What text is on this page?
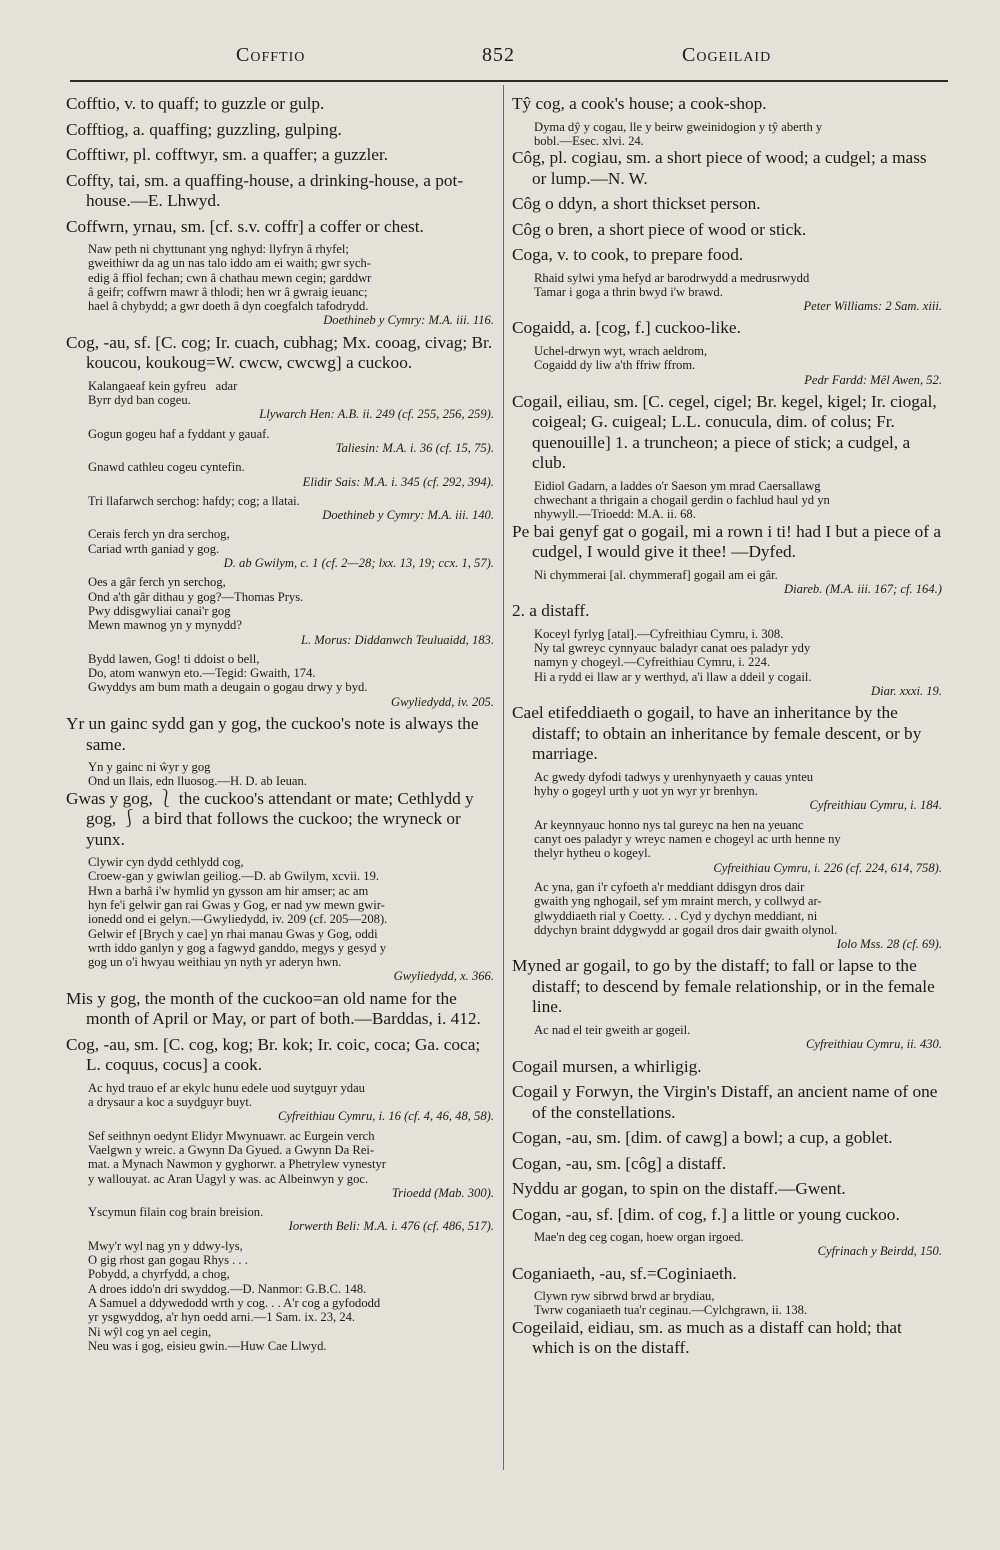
Cofftio	852	Cogeilaid
Cofftio, v. to quaff; to guzzle or gulp.
Cofftiog, a. quaffing; guzzling, gulping.
Cofftiwr, pl. cofftwyr, sm. a quaffer; a guzzler.
Coffty, tai, sm. a quaffing-house, a drinking-house, a pot-house.—E. Lhwyd.
Coffwrn, yrnau, sm. [cf. s.v. coffr] a coffer or chest.
Naw peth ni chyttunant yng nghyd: llyfryn â rhyfel;
gweithiwr da ag un nas talo iddo am ei waith; gwr sych-
edig â ffiol fechan; cwn â chathau mewn cegin; garddwr
â geifr; coffwrn mawr â thlodi; hen wr â gwraig ieuanc;
hael â chybydd; a gwr doeth â dyn coegfalch tafodrydd.
Doethineb y Cymry: M.A. iii. 116.
Cog, -au, sf. [C. cog; Ir. cuach, cubhag; Mx. cooag, civag; Br. koucou, koukoug=W. cwcw, cwcwg] a cuckoo.
Kalangaeaf kein gyfreu   adar
Byrr dyd ban cogeu.
Llywarch Hen: A.B. ii. 249 (cf. 255, 256, 259).
Gogun gogeu haf a fyddant y gauaf.
Taliesin: M.A. i. 36 (cf. 15, 75).
Gnawd cathleu cogeu cyntefin.
Elidir Sais: M.A. i. 345 (cf. 292, 394).
Tri llafarwch serchog: hafdy; cog; a llatai.
Doethineb y Cymry: M.A. iii. 140.
Cerais ferch yn dra serchog,
Cariad wrth ganiad y gog.
D. ab Gwilym, c. 1 (cf. 2—28; lxx. 13, 19; ccx. 1, 57).
Oes a gâr ferch yn serchog,
Ond a'th gâr dithau y gog?—Thomas Prys.
Pwy ddisgwyliai canai'r gog
Mewn mawnog yn y mynydd?
L. Morus: Diddanwch Teuluaidd, 183.
Bydd lawen, Gog! ti ddoist o bell,
Do, atom wanwyn eto.—Tegid: Gwaith, 174.
Gwyddys am bum math a deugain o gogau drwy y byd.
Gwyliedydd, iv. 205.
Yr un gainc sydd gan y gog, the cuckoo's note is always the same.
Yn y gainc ni ŵyr y gog
Ond un llais, edn lluosog.—H. D. ab Ieuan.
Gwas y gog, ⎱ the cuckoo's attendant or mate; Cethlydd y gog, ⎰ a bird that follows the cuckoo; the wryneck or yunx.
Clywir cyn dydd cethlydd cog,
Croew-gan y gwiwlan geiliog.—D. ab Gwilym, xcvii. 19.
Hwn a barhâ i'w hymlid yn gysson am hir amser; ac am
hyn fe'i gelwir gan rai Gwas y Gog, er nad yw mewn gwir-
ionedd ond ei gelyn.—Gwyliedydd, iv. 209 (cf. 205—208).
Gelwir ef [Brych y cae] yn rhai manau Gwas y Gog, oddi
wrth iddo ganlyn y gog a fagwyd ganddo, megys y gesyd y
gog un o'i hwyau weithiau yn nyth yr aderyn hwn.
Gwyliedydd, x. 366.
Mis y gog, the month of the cuckoo=an old name for the month of April or May, or part of both.—Barddas, i. 412.
Cog, -au, sm. [C. cog, kog; Br. kok; Ir. coic, coca; Ga. coca; L. coquus, cocus] a cook.
Ac hyd trauo ef ar ekylc hunu edele uod suytguyr ydau
a drysaur a koc a suydguyr buyt.
Cyfreithiau Cymru, i. 16 (cf. 4, 46, 48, 58).
Sef seithnyn oedynt Elidyr Mwynuawr. ac Eurgein verch
Vaelgwn y wreic. a Gwynn Da Gyued. a Gwynn Da Rei-
mat. a Mynach Nawmon y gyghorwr. a Phetrylew vynestyr
y wallouyat. ac Aran Uagyl y was. ac Albeinwyn y goc.
Trioedd (Mab. 300).
Yscymun filain cog brain breision.
Iorwerth Beli: M.A. i. 476 (cf. 486, 517).
Mwy'r wyl nag yn y ddwy-lys,
O gig rhost gan gogau Rhys . . .
Pobydd, a chyrfydd, a chog,
A droes iddo'n dri swyddog.—D. Nanmor: G.B.C. 148.
A Samuel a ddywedodd wrth y cog. . . A'r cog a gyfododd
yr ysgwyddog, a'r hyn oedd arni.—1 Sam. ix. 23, 24.
Ni wŷl cog yn ael cegin,
Neu was i gog, eisieu gwin.—Huw Cae Llwyd.
Tŷ cog, a cook's house; a cook-shop.
Dyma dŷ y cogau, lle y beirw gweinidogion y tŷ aberth y
bobl.—Esec. xlvi. 24.
Côg, pl. cogiau, sm. a short piece of wood; a cudgel; a mass or lump.—N. W.
Côg o ddyn, a short thickset person.
Côg o bren, a short piece of wood or stick.
Coga, v. to cook, to prepare food.
Rhaid sylwi yma hefyd ar barodrwydd a medrusrwydd
Tamar i goga a thrin bwyd i'w brawd.
Peter Williams: 2 Sam. xiii.
Cogaidd, a. [cog, f.] cuckoo-like.
Uchel-drwyn wyt, wrach aeldrom,
Cogaidd dy liw a'th ffriw ffrom.
Pedr Fardd: Mêl Awen, 52.
Cogail, eiliau, sm. [C. cegel, cigel; Br. kegel, kigel; Ir. ciogal, coigeal; G. cuigeal; L.L. conucula, dim. of colus; Fr. quenouille] 1. a truncheon; a piece of stick; a cudgel, a club.
Eidiol Gadarn, a laddes o'r Saeson ym mrad Caersallawg
chwechant a thrigain a chogail gerdin o fachlud haul yd yn
nhywyll.—Trioedd: M.A. ii. 68.
Pe bai genyf gat o gogail, mi a rown i ti! had I but a piece of a cudgel, I would give it thee! —Dyfed.
Ni chymmerai [al. chymmeraf] gogail am ei gâr.
Diareb. (M.A. iii. 167; cf. 164.)
2. a distaff.
Koceyl fyrlyg [atal].—Cyfreithiau Cymru, i. 308.
Ny tal gwreyc cynnyauc baladyr canat oes paladyr ydy
namyn y chogeyl.—Cyfreithiau Cymru, i. 224.
Hi a rydd ei llaw ar y werthyd, a'i llaw a ddeil y cogail.
Diar. xxxi. 19.
Cael etifeddiaeth o gogail, to have an inheritance by the distaff; to obtain an inheritance by female descent, or by marriage.
Ac gwedy dyfodi tadwys y urenhynyaeth y cauas ynteu
hyhy o gogeyl urth y uot yn wyr yr brenhyn.
Cyfreithiau Cymru, i. 184.
Ar keynnyauc honno nys tal gureyc na hen na yeuanc
canyt oes paladyr y wreyc namen e chogeyl ac urth henne ny
thelyr hytheu o kogeyl.
Cyfreithiau Cymru, i. 226 (cf. 224, 614, 758).
Ac yna, gan i'r cyfoeth a'r meddiant ddisgyn dros dair
gwaith yng nghogail, sef ym mraint merch, y collwyd ar-
glwyddiaeth rial y Coetty. . . Cyd y dychyn meddiant, ni
ddychyn braint ddygwydd ar gogail dros dair gwaith olynol.
Iolo Mss. 28 (cf. 69).
Myned ar gogail, to go by the distaff; to fall or lapse to the distaff; to descend by female relationship, or in the female line.
Ac nad el teir gweith ar gogeil.
Cyfreithiau Cymru, ii. 430.
Cogail mursen, a whirligig.
Cogail y Forwyn, the Virgin's Distaff, an ancient name of one of the constellations.
Cogan, -au, sm. [dim. of cawg] a bowl; a cup, a goblet.
Cogan, -au, sm. [côg] a distaff.
Nyddu ar gogan, to spin on the distaff.—Gwent.
Cogan, -au, sf. [dim. of cog, f.] a little or young cuckoo.
Mae'n deg ceg cogan, hoew organ irgoed.
Cyfrinach y Beirdd, 150.
Coganiaeth, -au, sf.=Coginiaeth.
Clywn ryw sibrwd brwd ar brydiau,
Twrw coganiaeth tua'r ceginau.—Cylchgrawn, ii. 138.
Cogeilaid, eidiau, sm. as much as a distaff can hold; that which is on the distaff.
